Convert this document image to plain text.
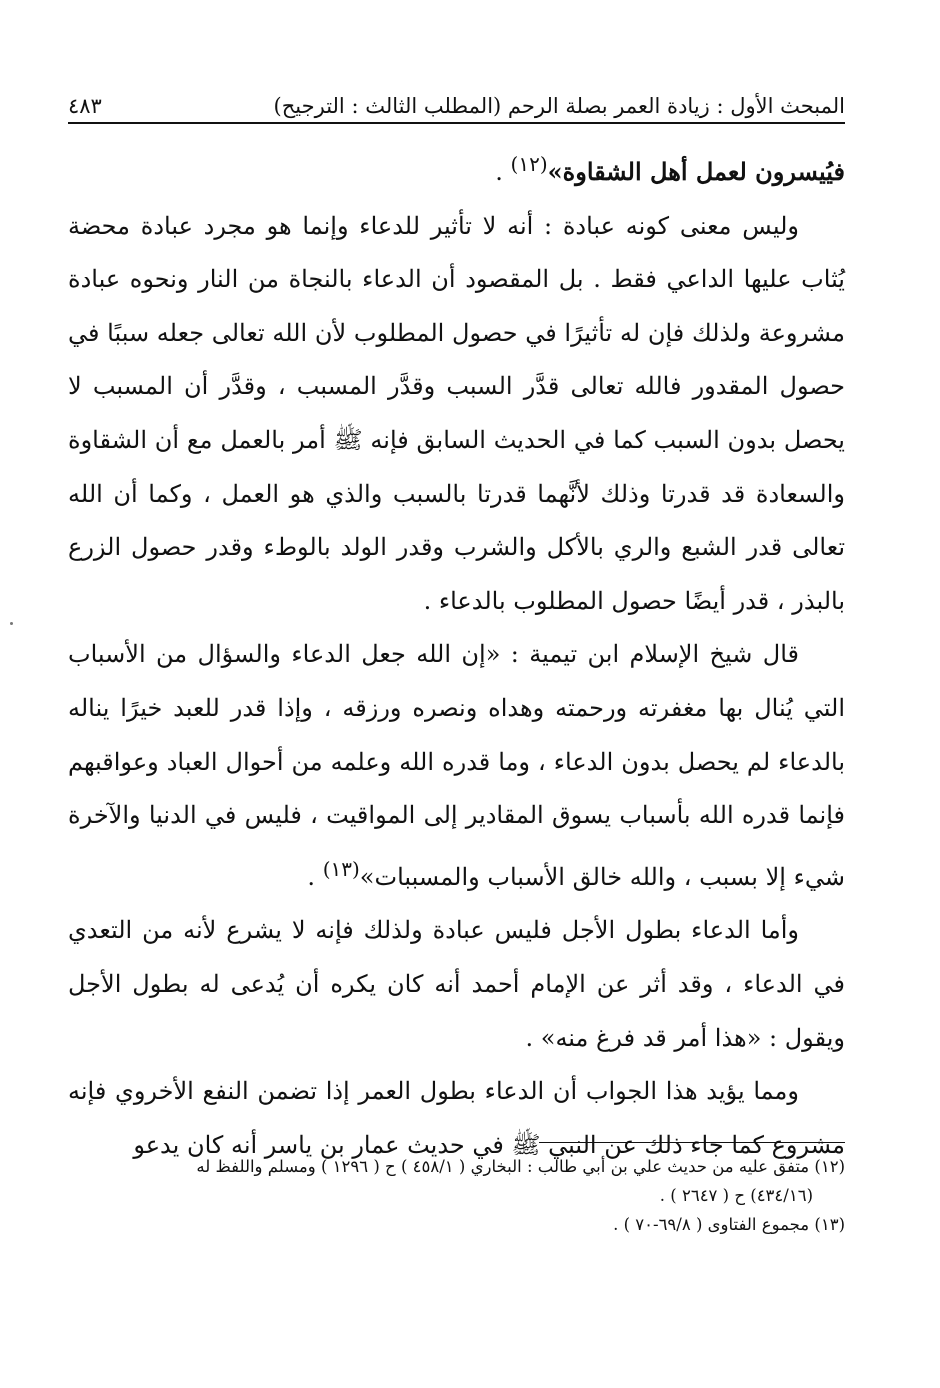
المبحث الأول : زيادة العمر بصلة الرحم (المطلب الثالث : الترجيح)
٤٨٣

فيُيسرون لعمل أهل الشقاوة»$^{(١٢)}$ .

وليس معنى كونه عبادة : أنه لا تأثير للدعاء وإنما هو مجرد عبادة محضة يُثاب عليها الداعي فقط . بل المقصود أن الدعاء بالنجاة من النار ونحوه عبادة مشروعة ولذلك فإن له تأثيرًا في حصول المطلوب لأن الله تعالى جعله سببًا في حصول المقدور فالله تعالى قدَّر السبب وقدَّر المسبب ، وقدَّر أن المسبب لا يحصل بدون السبب كما في الحديث السابق فإنه ﷺ أمر بالعمل مع أن الشقاوة والسعادة قد قدرتا وذلك لأنَّهما قدرتا بالسبب والذي هو العمل ، وكما أن الله تعالى قدر الشبع والري بالأكل والشرب وقدر الولد بالوطء وقدر حصول الزرع بالبذر ، قدر أيضًا حصول المطلوب بالدعاء .

قال شيخ الإسلام ابن تيمية : «إن الله جعل الدعاء والسؤال من الأسباب التي يُنال بها مغفرته ورحمته وهداه ونصره ورزقه ، وإذا قدر للعبد خيرًا يناله بالدعاء لم يحصل بدون الدعاء ، وما قدره الله وعلمه من أحوال العباد وعواقبهم فإنما قدره الله بأسباب يسوق المقادير إلى المواقيت ، فليس في الدنيا والآخرة شيء إلا بسبب ، والله خالق الأسباب والمسببات»$^{(١٣)}$ .

وأما الدعاء بطول الأجل فليس عبادة ولذلك فإنه لا يشرع لأنه من التعدي في الدعاء ، وقد أثر عن الإمام أحمد أنه كان يكره أن يُدعى له بطول الأجل ويقول : «هذا أمر قد فرغ منه» .

ومما يؤيد هذا الجواب أن الدعاء بطول العمر إذا تضمن النفع الأخروي فإنه مشروع كما جاء ذلك عن النبي ﷺ في حديث عمار بن ياسر أنه كان يدعو

(١٢) متفق عليه من حديث علي بن أبي طالب : البخاري ( ٤٥٨/١ ) ح ( ١٢٩٦ ) ومسلم واللفظ له

(٤٣٤/١٦) ح ( ٢٦٤٧ ) .

(١٣) مجموع الفتاوى ( ٦٩/٨-٧٠ ) .
